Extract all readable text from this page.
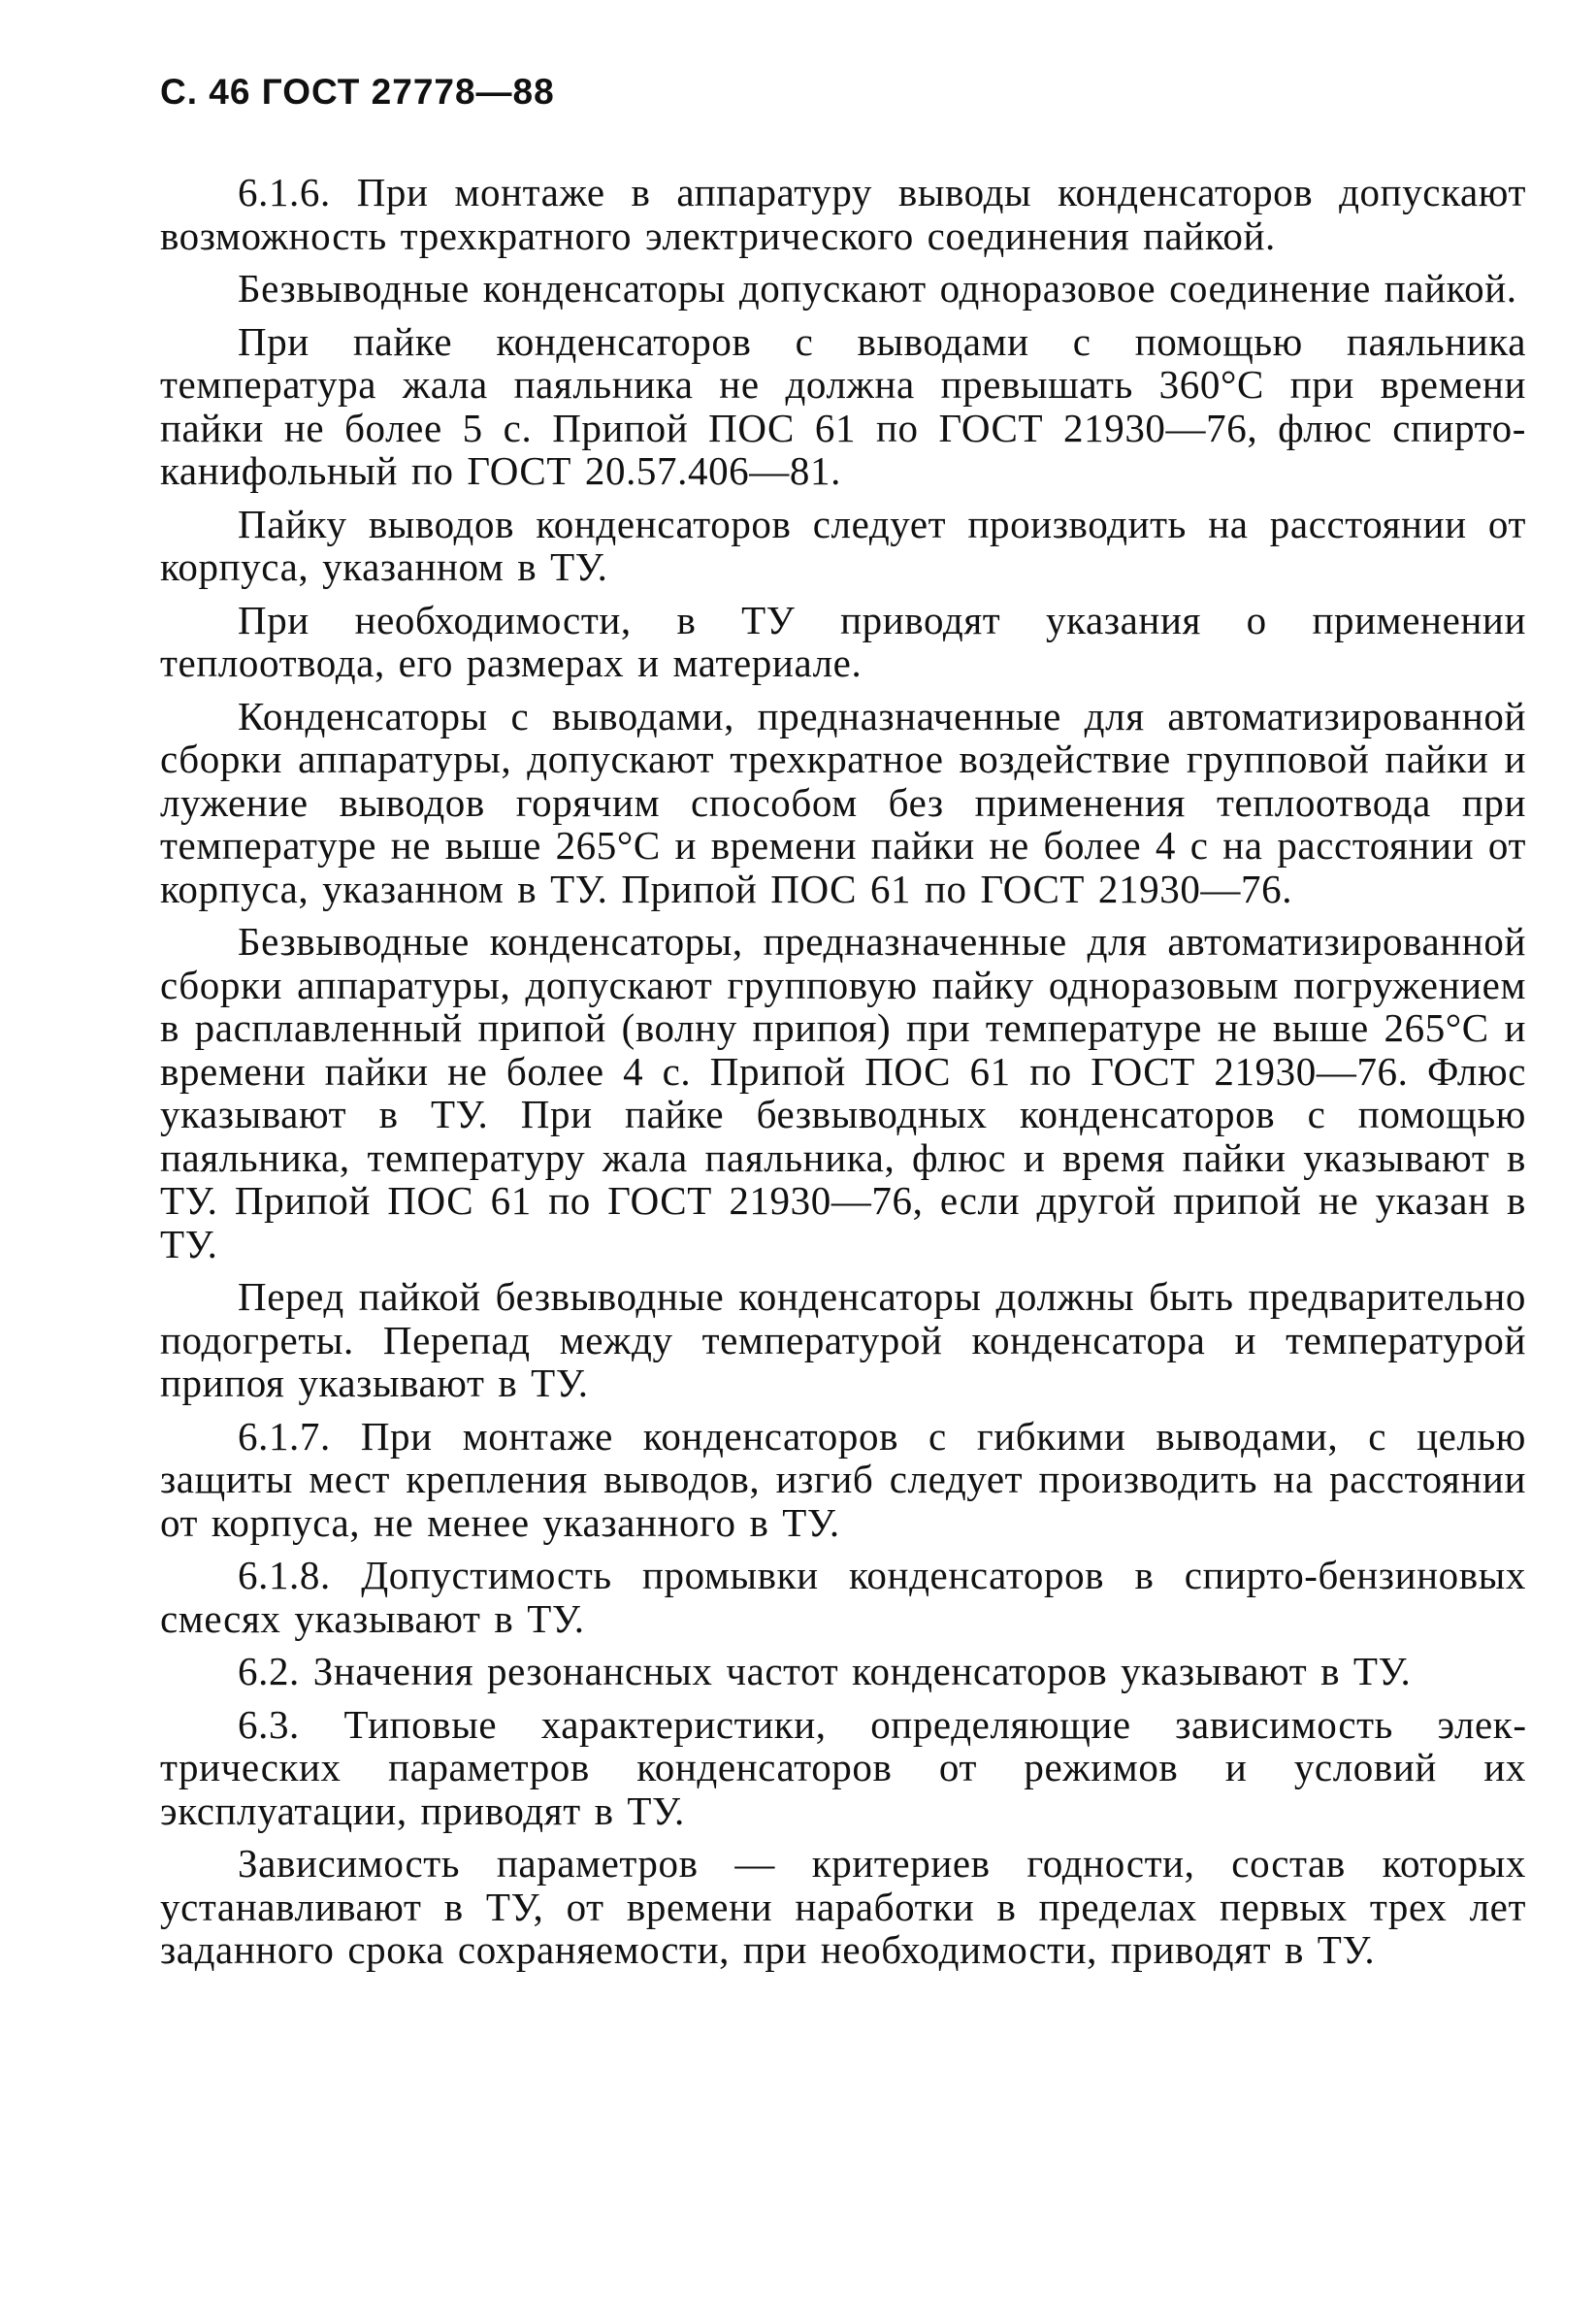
С. 46 ГОСТ 27778—88

6.1.6. При монтаже в аппаратуру выводы конденсаторов допускают возможность трехкратного электрического соединения пайкой.

Безвыводные конденсаторы допускают одноразовое соединение пайкой.

При пайке конденсаторов с выводами с помощью паяльника температура жала паяльника не должна превышать 360°С при времени пайки не более 5 с. Припой ПОС 61 по ГОСТ 21930—76, флюс спирто-канифольный по ГОСТ 20.57.406—81.

Пайку выводов конденсаторов следует производить на расстоянии от корпуса, указанном в ТУ.

При необходимости, в ТУ приводят указания о применении теплоотвода, его размерах и материале.

Конденсаторы с выводами, предназначенные для автоматизированной сборки аппаратуры, допускают трехкратное воздействие групповой пайки и лужение выводов горячим способом без применения теплоотвода при температуре не выше 265°С и времени пайки не более 4 с на расстоянии от корпуса, указанном в ТУ. Припой ПОС 61 по ГОСТ 21930—76.

Безвыводные конденсаторы, предназначенные для автоматизированной сборки аппаратуры, допускают групповую пайку одноразовым погружением в расплавленный припой (волну припоя) при температуре не выше 265°С и времени пайки не более 4 с. Припой ПОС 61 по ГОСТ 21930—76. Флюс указывают в ТУ. При пайке безвыводных конденсаторов с помощью паяльника, температуру жала паяльника, флюс и время пайки указывают в ТУ. Припой ПОС 61 по ГОСТ 21930—76, если другой припой не указан в ТУ.

Перед пайкой безвыводные конденсаторы должны быть предварительно подогреты. Перепад между температурой конденсатора и температурой припоя указывают в ТУ.

6.1.7. При монтаже конденсаторов с гибкими выводами, с целью защиты мест крепления выводов, изгиб следует производить на расстоянии от корпуса, не менее указанного в ТУ.

6.1.8. Допустимость промывки конденсаторов в спирто-бензиновых смесях указывают в ТУ.

6.2. Значения резонансных частот конденсаторов указывают в ТУ.

6.3. Типовые характеристики, определяющие зависимость электрических параметров конденсаторов от режимов и условий их эксплуатации, приводят в ТУ.

Зависимость параметров — критериев годности, состав которых устанавливают в ТУ, от времени наработки в пределах первых трех лет заданного срока сохраняемости, при необходимости, приводят в ТУ.
